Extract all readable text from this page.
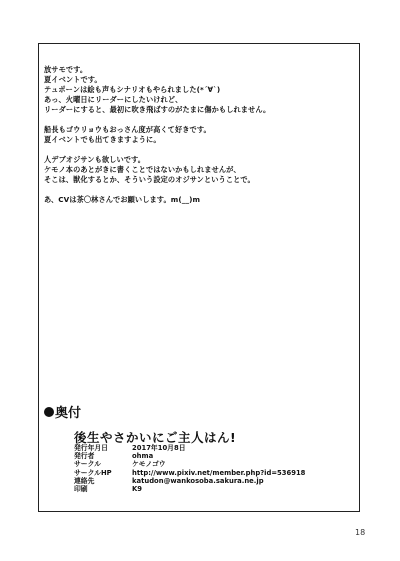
放サモです。
夏イベントです。
テュポーンは絵も声もシナリオもやられました(*´∀`)
あっ、火曜日にリーダーにしたいけれど、
リーダーにすると、最初に吹き飛ばすのがたまに傷かもしれません。
船長もゴウリョウもおっさん度が高くて好きです。
夏イベントでも出てきますように。
人デブオジサンも欲しいです。
ケモノ本のあとがきに書くことではないかもしれませんが、
そこは、獣化するとか、そういう設定のオジサンということで。
あ、CVは茶〇林さんでお願いします。m(__)m
奥付
後生やさかいにご主人はん!
発行年月日	2017年10月8日
発行者	ohma
サークル	ケモノゴウ
サークルHP	http://www.pixiv.net/member.php?id=536918
連絡先	katudon@wankosoba.sakura.ne.jp
印刷	K9
18
